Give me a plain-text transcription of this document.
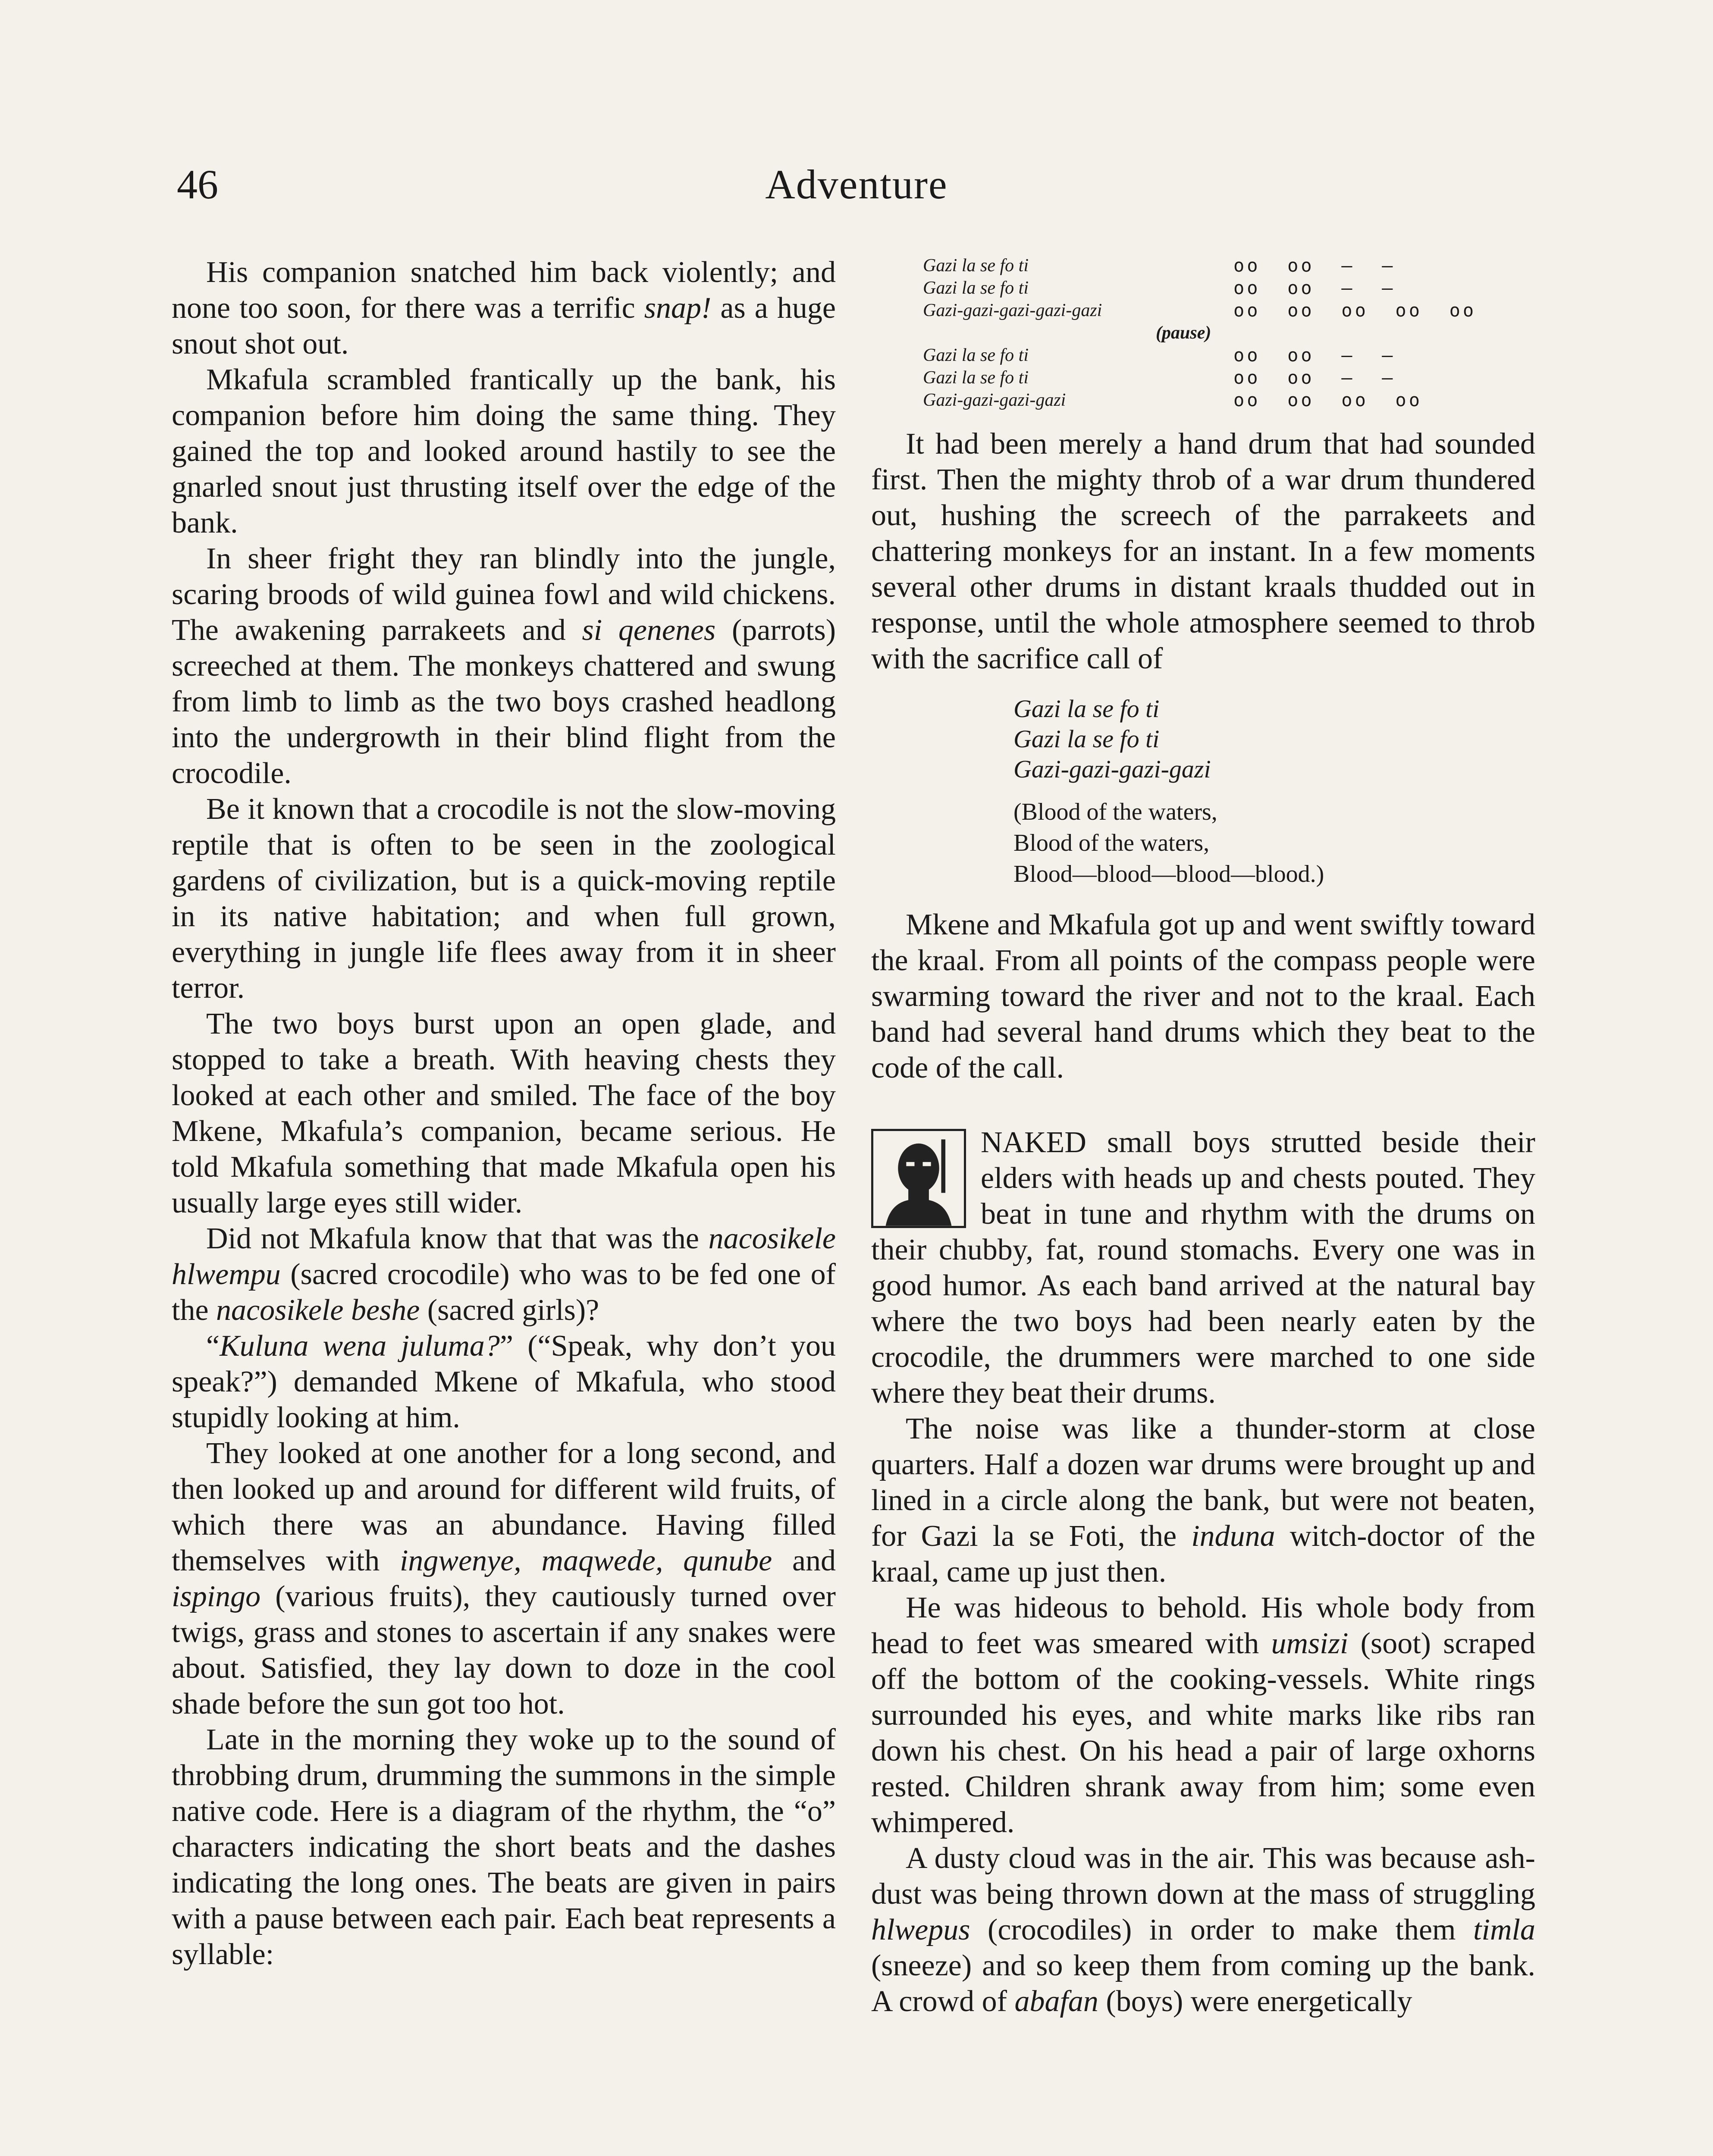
46	Adventure

His companion snatched him back violently; and none too soon, for there was a terrific snap! as a huge snout shot out.

Mkafula scrambled frantically up the bank, his companion before him doing the same thing. They gained the top and looked around hastily to see the gnarled snout just thrusting itself over the edge of the bank.

In sheer fright they ran blindly into the jungle, scaring broods of wild guinea fowl and wild chickens. The awakening parrakeets and si qenenes (parrots) screeched at them. The monkeys chattered and swung from limb to limb as the two boys crashed headlong into the undergrowth in their blind flight from the crocodile.

Be it known that a crocodile is not the slow-moving reptile that is often to be seen in the zoological gardens of civilization, but is a quick-moving reptile in its native habitation; and when full grown, everything in jungle life flees away from it in sheer terror.

The two boys burst upon an open glade, and stopped to take a breath. With heaving chests they looked at each other and smiled. The face of the boy Mkene, Mkafula’s companion, became serious. He told Mkafula something that made Mkafula open his usually large eyes still wider.

Did not Mkafula know that that was the nacosikele hlwempu (sacred crocodile) who was to be fed one of the nacosikele beshe (sacred girls)?

“Kuluna wena juluma?” (“Speak, why don’t you speak?”) demanded Mkene of Mkafula, who stood stupidly looking at him.

They looked at one another for a long second, and then looked up and around for different wild fruits, of which there was an abundance. Having filled themselves with ingwenye, maqwede, qunube and ispingo (various fruits), they cautiously turned over twigs, grass and stones to ascertain if any snakes were about. Satisfied, they lay down to doze in the cool shade before the sun got too hot.

Late in the morning they woke up to the sound of throbbing drum, drumming the summons in the simple native code. Here is a diagram of the rhythm, the “o” characters indicating the short beats and the dashes indicating the long ones. The beats are given in pairs with a pause between each pair. Each beat represents a syllable:

Gazi la se fo ti	oo  oo  —  —
Gazi la se fo ti	oo  oo  —  —
Gazi-gazi-gazi-gazi-gazi	oo  oo  oo  oo  oo
(pause)
Gazi la se fo ti	oo  oo  —  —
Gazi la se fo ti	oo  oo  —  —
Gazi-gazi-gazi-gazi	oo  oo  oo  oo

It had been merely a hand drum that had sounded first. Then the mighty throb of a war drum thundered out, hushing the screech of the parrakeets and chattering monkeys for an instant. In a few moments several other drums in distant kraals thudded out in response, until the whole atmosphere seemed to throb with the sacrifice call of

Gazi la se fo ti
Gazi la se fo ti
Gazi-gazi-gazi-gazi
(Blood of the waters,
Blood of the waters,
Blood—blood—blood—blood.)

Mkene and Mkafula got up and went swiftly toward the kraal. From all points of the compass people were swarming toward the river and not to the kraal. Each band had several hand drums which they beat to the code of the call.

NAKED small boys strutted beside their elders with heads up and chests pouted. They beat in tune and rhythm with the drums on their chubby, fat, round stomachs. Every one was in good humor. As each band arrived at the natural bay where the two boys had been nearly eaten by the crocodile, the drummers were marched to one side where they beat their drums.

The noise was like a thunder-storm at close quarters. Half a dozen war drums were brought up and lined in a circle along the bank, but were not beaten, for Gazi la se Foti, the induna witch-doctor of the kraal, came up just then.

He was hideous to behold. His whole body from head to feet was smeared with umsizi (soot) scraped off the bottom of the cooking-vessels. White rings surrounded his eyes, and white marks like ribs ran down his chest. On his head a pair of large oxhorns rested. Children shrank away from him; some even whimpered.

A dusty cloud was in the air. This was because ash-dust was being thrown down at the mass of struggling hlwepus (crocodiles) in order to make them timla (sneeze) and so keep them from coming up the bank. A crowd of abafan (boys) were energetically
